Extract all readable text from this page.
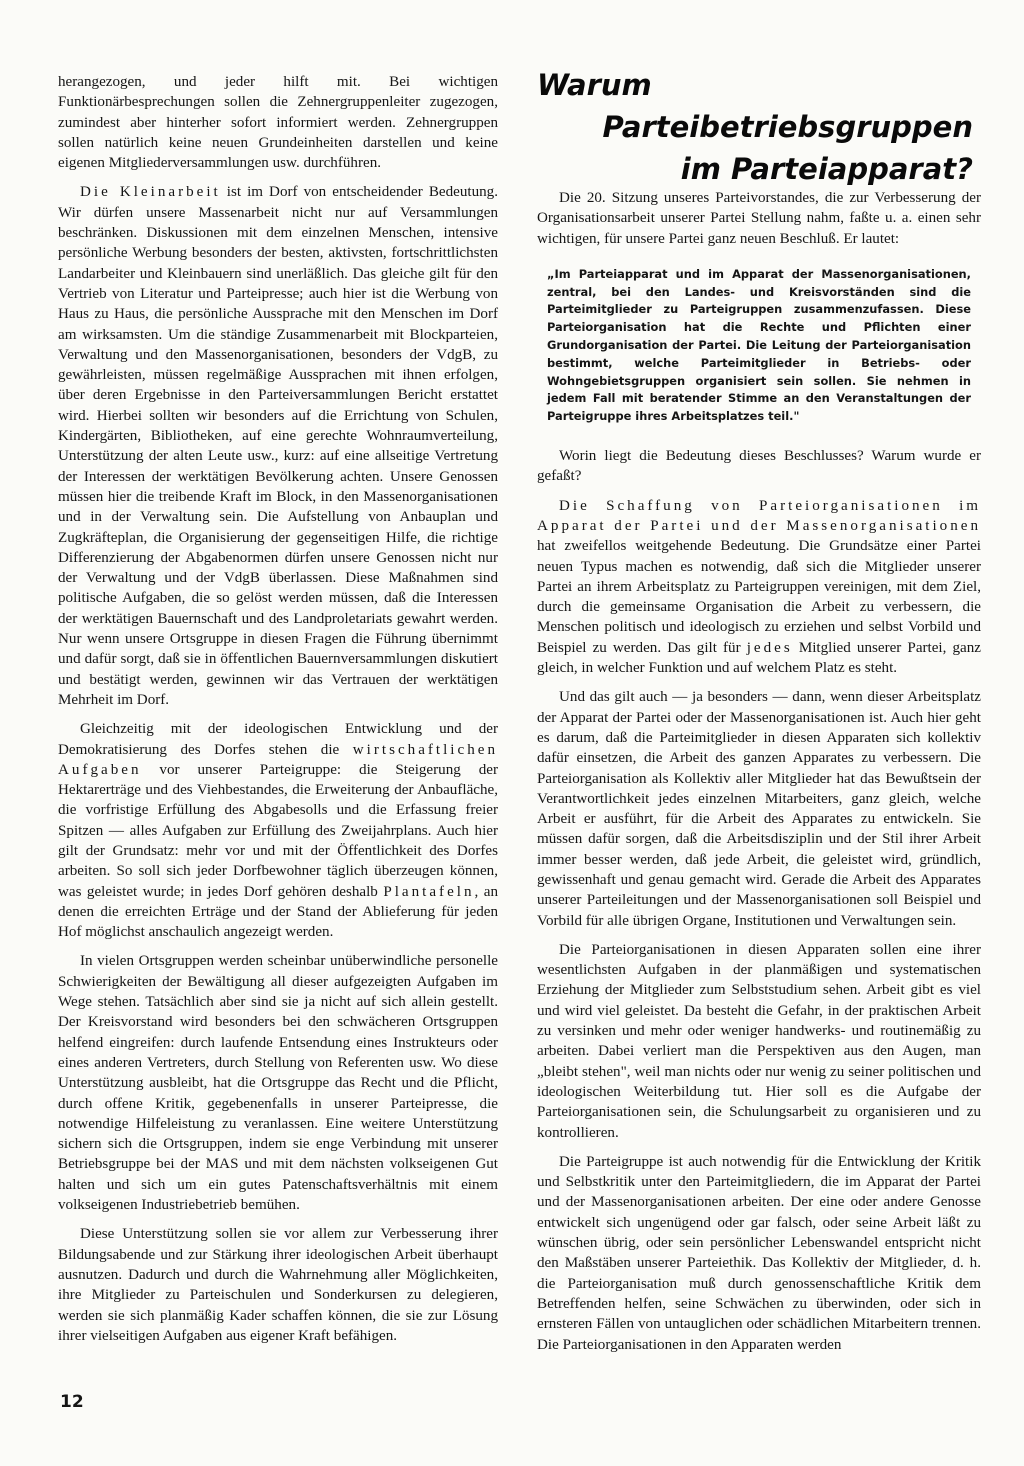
Warum
Parteibetriebsgruppen
im Parteiapparat?

herangezogen, und jeder hilft mit. Bei wichtigen Funktionärbesprechungen sollen die Zehnergruppenleiter zugezogen, zumindest aber hinterher sofort informiert werden. Zehnergruppen sollen natürlich keine neuen Grundeinheiten darstellen und keine eigenen Mitgliederversammlungen usw. durchführen.

Die Kleinarbeit ist im Dorf von entscheidender Bedeutung. Wir dürfen unsere Massenarbeit nicht nur auf Versammlungen beschränken. Diskussionen mit dem einzelnen Menschen, intensive persönliche Werbung besonders der besten, aktivsten, fortschrittlichsten Landarbeiter und Kleinbauern sind unerläßlich. Das gleiche gilt für den Vertrieb von Literatur und Parteipresse; auch hier ist die Werbung von Haus zu Haus, die persönliche Aussprache mit den Menschen im Dorf am wirksamsten. Um die ständige Zusammenarbeit mit Blockparteien, Verwaltung und den Massenorganisationen, besonders der VdgB, zu gewährleisten, müssen regelmäßige Aussprachen mit ihnen erfolgen, über deren Ergebnisse in den Parteiversammlungen Bericht erstattet wird. Hierbei sollten wir besonders auf die Errichtung von Schulen, Kindergärten, Bibliotheken, auf eine gerechte Wohnraumverteilung, Unterstützung der alten Leute usw., kurz: auf eine allseitige Vertretung der Interessen der werktätigen Bevölkerung achten. Unsere Genossen müssen hier die treibende Kraft im Block, in den Massenorganisationen und in der Verwaltung sein. Die Aufstellung von Anbauplan und Zugkräfteplan, die Organisierung der gegenseitigen Hilfe, die richtige Differenzierung der Abgabenormen dürfen unsere Genossen nicht nur der Verwaltung und der VdgB überlassen. Diese Maßnahmen sind politische Aufgaben, die so gelöst werden müssen, daß die Interessen der werktätigen Bauernschaft und des Landproletariats gewahrt werden. Nur wenn unsere Ortsgruppe in diesen Fragen die Führung übernimmt und dafür sorgt, daß sie in öffentlichen Bauernversammlungen diskutiert und bestätigt werden, gewinnen wir das Vertrauen der werktätigen Mehrheit im Dorf.

Gleichzeitig mit der ideologischen Entwicklung und der Demokratisierung des Dorfes stehen die wirtschaftlichen Aufgaben vor unserer Parteigruppe: die Steigerung der Hektarerträge und des Viehbestandes, die Erweiterung der Anbaufläche, die vorfristige Erfüllung des Abgabesolls und die Erfassung freier Spitzen — alles Aufgaben zur Erfüllung des Zweijahrplans. Auch hier gilt der Grundsatz: mehr vor und mit der Öffentlichkeit des Dorfes arbeiten. So soll sich jeder Dorfbewohner täglich überzeugen können, was geleistet wurde; in jedes Dorf gehören deshalb Plantafeln, an denen die erreichten Erträge und der Stand der Ablieferung für jeden Hof möglichst anschaulich angezeigt werden.

In vielen Ortsgruppen werden scheinbar unüberwindliche personelle Schwierigkeiten der Bewältigung all dieser aufgezeigten Aufgaben im Wege stehen. Tatsächlich aber sind sie ja nicht auf sich allein gestellt. Der Kreisvorstand wird besonders bei den schwächeren Ortsgruppen helfend eingreifen: durch laufende Entsendung eines Instrukteurs oder eines anderen Vertreters, durch Stellung von Referenten usw. Wo diese Unterstützung ausbleibt, hat die Ortsgruppe das Recht und die Pflicht, durch offene Kritik, gegebenenfalls in unserer Parteipresse, die notwendige Hilfeleistung zu veranlassen. Eine weitere Unterstützung sichern sich die Ortsgruppen, indem sie enge Verbindung mit unserer Betriebsgruppe bei der MAS und mit dem nächsten volkseigenen Gut halten und sich um ein gutes Patenschaftsverhältnis mit einem volkseigenen Industriebetrieb bemühen.

Diese Unterstützung sollen sie vor allem zur Verbesserung ihrer Bildungsabende und zur Stärkung ihrer ideologischen Arbeit überhaupt ausnutzen. Dadurch und durch die Wahrnehmung aller Möglichkeiten, ihre Mitglieder zu Parteischulen und Sonderkursen zu delegieren, werden sie sich planmäßig Kader schaffen können, die sie zur Lösung ihrer vielseitigen Aufgaben aus eigener Kraft befähigen.

Die 20. Sitzung unseres Parteivorstandes, die zur Verbesserung der Organisationsarbeit unserer Partei Stellung nahm, faßte u. a. einen sehr wichtigen, für unsere Partei ganz neuen Beschluß. Er lautet:

„Im Parteiapparat und im Apparat der Massenorganisationen, zentral, bei den Landes- und Kreisvorständen sind die Parteimitglieder zu Parteigruppen zusammenzufassen. Diese Parteiorganisation hat die Rechte und Pflichten einer Grundorganisation der Partei. Die Leitung der Parteiorganisation bestimmt, welche Parteimitglieder in Betriebs- oder Wohngebietsgruppen organisiert sein sollen. Sie nehmen in jedem Fall mit beratender Stimme an den Veranstaltungen der Parteigruppe ihres Arbeitsplatzes teil."

Worin liegt die Bedeutung dieses Beschlusses? Warum wurde er gefaßt?

Die Schaffung von Parteiorganisationen im Apparat der Partei und der Massenorganisationen hat zweifellos weitgehende Bedeutung. Die Grundsätze einer Partei neuen Typus machen es notwendig, daß sich die Mitglieder unserer Partei an ihrem Arbeitsplatz zu Parteigruppen vereinigen, mit dem Ziel, durch die gemeinsame Organisation die Arbeit zu verbessern, die Menschen politisch und ideologisch zu erziehen und selbst Vorbild und Beispiel zu werden. Das gilt für jedes Mitglied unserer Partei, ganz gleich, in welcher Funktion und auf welchem Platz es steht.

Und das gilt auch — ja besonders — dann, wenn dieser Arbeitsplatz der Apparat der Partei oder der Massenorganisationen ist. Auch hier geht es darum, daß die Parteimitglieder in diesen Apparaten sich kollektiv dafür einsetzen, die Arbeit des ganzen Apparates zu verbessern. Die Parteiorganisation als Kollektiv aller Mitglieder hat das Bewußtsein der Verantwortlichkeit jedes einzelnen Mitarbeiters, ganz gleich, welche Arbeit er ausführt, für die Arbeit des Apparates zu entwickeln. Sie müssen dafür sorgen, daß die Arbeitsdisziplin und der Stil ihrer Arbeit immer besser werden, daß jede Arbeit, die geleistet wird, gründlich, gewissenhaft und genau gemacht wird. Gerade die Arbeit des Apparates unserer Parteileitungen und der Massenorganisationen soll Beispiel und Vorbild für alle übrigen Organe, Institutionen und Verwaltungen sein.

Die Parteiorganisationen in diesen Apparaten sollen eine ihrer wesentlichsten Aufgaben in der planmäßigen und systematischen Erziehung der Mitglieder zum Selbststudium sehen. Arbeit gibt es viel und wird viel geleistet. Da besteht die Gefahr, in der praktischen Arbeit zu versinken und mehr oder weniger handwerks- und routinemäßig zu arbeiten. Dabei verliert man die Perspektiven aus den Augen, man „bleibt stehen", weil man nichts oder nur wenig zu seiner politischen und ideologischen Weiterbildung tut. Hier soll es die Aufgabe der Parteiorganisationen sein, die Schulungsarbeit zu organisieren und zu kontrollieren.

Die Parteigruppe ist auch notwendig für die Entwicklung der Kritik und Selbstkritik unter den Parteimitgliedern, die im Apparat der Partei und der Massenorganisationen arbeiten. Der eine oder andere Genosse entwickelt sich ungenügend oder gar falsch, oder seine Arbeit läßt zu wünschen übrig, oder sein persönlicher Lebenswandel entspricht nicht den Maßstäben unserer Parteiethik. Das Kollektiv der Mitglieder, d. h. die Parteiorganisation muß durch genossenschaftliche Kritik dem Betreffenden helfen, seine Schwächen zu überwinden, oder sich in ernsteren Fällen von untauglichen oder schädlichen Mitarbeitern trennen. Die Parteiorganisationen in den Apparaten werden

12
